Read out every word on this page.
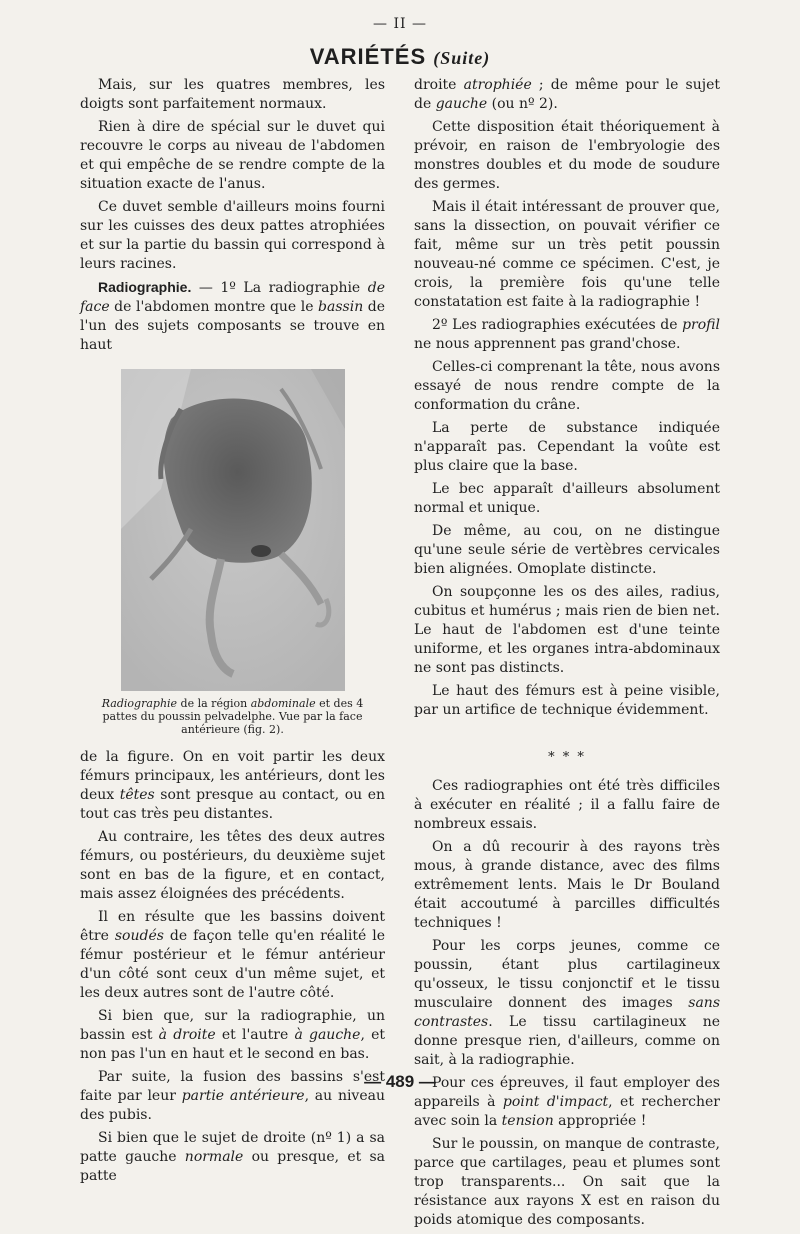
— II —
VARIÉTÉS (Suite)

Mais, sur les quatres membres, les doigts sont parfaitement normaux.

Rien à dire de spécial sur le duvet qui recouvre le corps au niveau de l'abdomen et qui empêche de se rendre compte de la situation exacte de l'anus.

Ce duvet semble d'ailleurs moins fourni sur les cuisses des deux pattes atrophiées et sur la partie du bassin qui correspond à leurs racines.

Radiographie. — 1º La radiographie de face de l'abdomen montre que le bassin de l'un des sujets composants se trouve en haut

Radiographie de la région abdominale et des 4 pattes du poussin pelvadelphe. Vue par la face antérieure (fig. 2).

de la figure. On en voit partir les deux fémurs principaux, les antérieurs, dont les deux têtes sont presque au contact, ou en tout cas très peu distantes.

Au contraire, les têtes des deux autres fémurs, ou postérieurs, du deuxième sujet sont en bas de la figure, et en contact, mais assez éloignées des précédents.

Il en résulte que les bassins doivent être soudés de façon telle qu'en réalité le fémur postérieur et le fémur antérieur d'un côté sont ceux d'un même sujet, et les deux autres sont de l'autre côté.

Si bien que, sur la radiographie, un bassin est à droite et l'autre à gauche, et non pas l'un en haut et le second en bas.

Par suite, la fusion des bassins s'est faite par leur partie antérieure, au niveau des pubis.

Si bien que le sujet de droite (nº 1) a sa patte gauche normale ou presque, et sa patte

droite atrophiée ; de même pour le sujet de gauche (ou nº 2).

Cette disposition était théoriquement à prévoir, en raison de l'embryologie des monstres doubles et du mode de soudure des germes.

Mais il était intéressant de prouver que, sans la dissection, on pouvait vérifier ce fait, même sur un très petit poussin nouveau-né comme ce spécimen. C'est, je crois, la première fois qu'une telle constatation est faite à la radiographie !

2º Les radiographies exécutées de profil ne nous apprennent pas grand'chose.

Celles-ci comprenant la tête, nous avons essayé de nous rendre compte de la conformation du crâne.

La perte de substance indiquée n'apparaît pas. Cependant la voûte est plus claire que la base.

Le bec apparaît d'ailleurs absolument normal et unique.

De même, au cou, on ne distingue qu'une seule série de vertèbres cervicales bien alignées. Omoplate distincte.

On soupçonne les os des ailes, radius, cubitus et humérus ; mais rien de bien net. Le haut de l'abdomen est d'une teinte uniforme, et les organes intra-abdominaux ne sont pas distincts.

Le haut des fémurs est à peine visible, par un artifice de technique évidemment.

* * *

Ces radiographies ont été très difficiles à exécuter en réalité ; il a fallu faire de nombreux essais.

On a dû recourir à des rayons très mous, à grande distance, avec des films extrêmement lents. Mais le Dr Bouland était accoutumé à parcilles difficultés techniques !

Pour les corps jeunes, comme ce poussin, étant plus cartilagineux qu'osseux, le tissu conjonctif et le tissu musculaire donnent des images sans contrastes. Le tissu cartilagineux ne donne presque rien, d'ailleurs, comme on sait, à la radiographie.

Pour ces épreuves, il faut employer des appareils à point d'impact, et rechercher avec soin la tension appropriée !

Sur le poussin, on manque de contraste, parce que cartilages, peau et plumes sont trop transparents... On sait que la résistance aux rayons X est en raison du poids atomique des composants.

— 489 —
